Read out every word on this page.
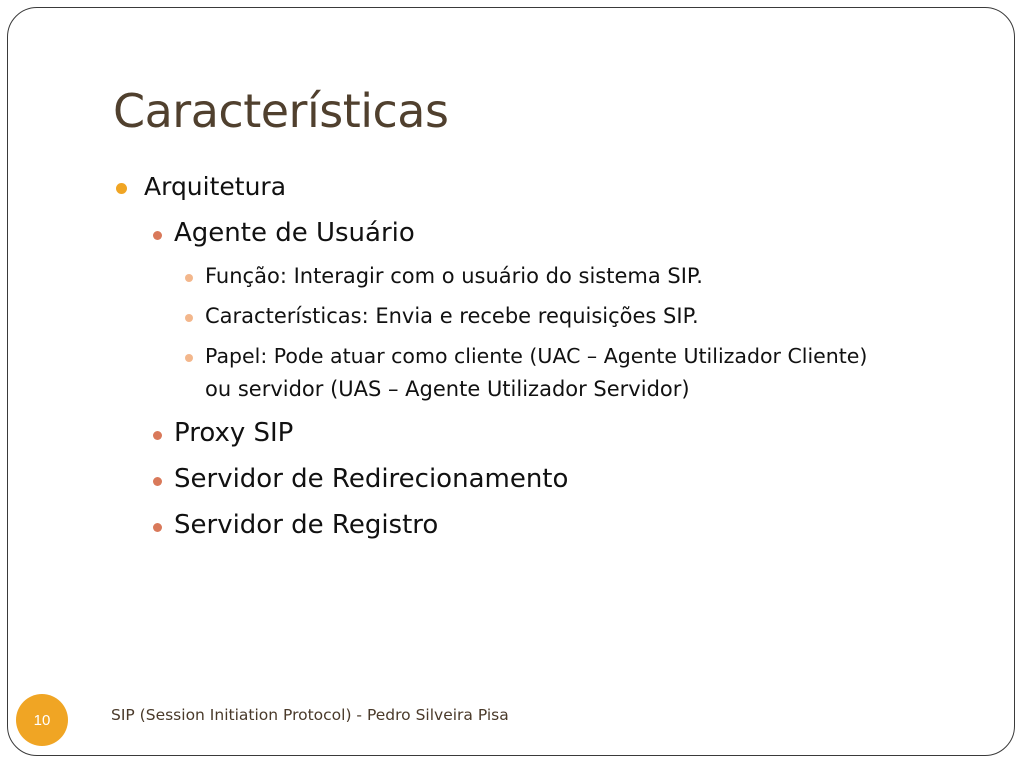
Características
Arquitetura
Agente de Usuário
Função: Interagir com o usuário do sistema SIP.
Características: Envia e recebe requisições SIP.
Papel: Pode atuar como cliente (UAC – Agente Utilizador Cliente)
ou servidor (UAS – Agente Utilizador Servidor)
Proxy SIP
Servidor de Redirecionamento
Servidor de Registro
10	SIP (Session Initiation Protocol) - Pedro Silveira Pisa
